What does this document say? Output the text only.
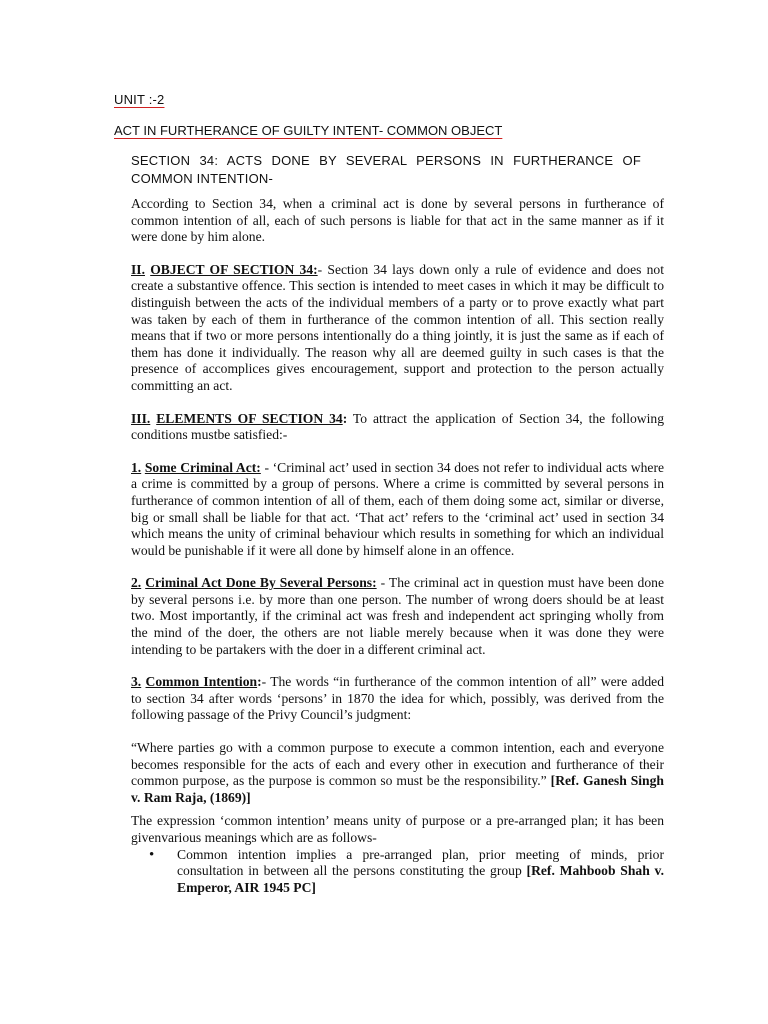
UNIT :-2
ACT IN FURTHERANCE OF GUILTY INTENT- COMMON OBJECT
SECTION 34: ACTS DONE BY SEVERAL PERSONS IN FURTHERANCE OF COMMON INTENTION-

According to Section 34, when a criminal act is done by several persons in furtherance of common intention of all, each of such persons is liable for that act in the same manner as if it were done by him alone.

II. OBJECT OF SECTION 34:- Section 34 lays down only a rule of evidence and does not create a substantive offence. This section is intended to meet cases in which it may be difficult to distinguish between the acts of the individual members of a party or to prove exactly what part was taken by each of them in furtherance of the common intention of all. This section really means that if two or more persons intentionally do a thing jointly, it is just the same as if each of them has done it individually. The reason why all are deemed guilty in such cases is that the presence of accomplices gives encouragement, support and protection to the person actually committing an act.

III. ELEMENTS OF SECTION 34: To attract the application of Section 34, the following conditions mustbe satisfied:-

1. Some Criminal Act: - ‘Criminal act’ used in section 34 does not refer to individual acts where a crime is committed by a group of persons. Where a crime is committed by several persons in furtherance of common intention of all of them, each of them doing some act, similar or diverse, big or small shall be liable for that act. ‘That act’ refers to the ‘criminal act’ used in section 34 which means the unity of criminal behaviour which results in something for which an individual would be punishable if it were all done by himself alone in an offence.

2. Criminal Act Done By Several Persons: - The criminal act in question must have been done by several persons i.e. by more than one person. The number of wrong doers should be at least two. Most importantly, if the criminal act was fresh and independent act springing wholly from the mind of the doer, the others are not liable merely because when it was done they were intending to be partakers with the doer in a different criminal act.

3. Common Intention:- The words “in furtherance of the common intention of all” were added to section 34 after words ‘persons’ in 1870 the idea for which, possibly, was derived from the following passage of the Privy Council’s judgment:

“Where parties go with a common purpose to execute a common intention, each and everyone becomes responsible for the acts of each and every other in execution and furtherance of their common purpose, as the purpose is common so must be the responsibility.” [Ref. Ganesh Singh v. Ram Raja, (1869)]

The expression ‘common intention’ means unity of purpose or a pre-arranged plan; it has been givenvarious meanings which are as follows-

• Common intention implies a pre-arranged plan, prior meeting of minds, prior consultation in between all the persons constituting the group [Ref. Mahboob Shah v. Emperor, AIR 1945 PC]
